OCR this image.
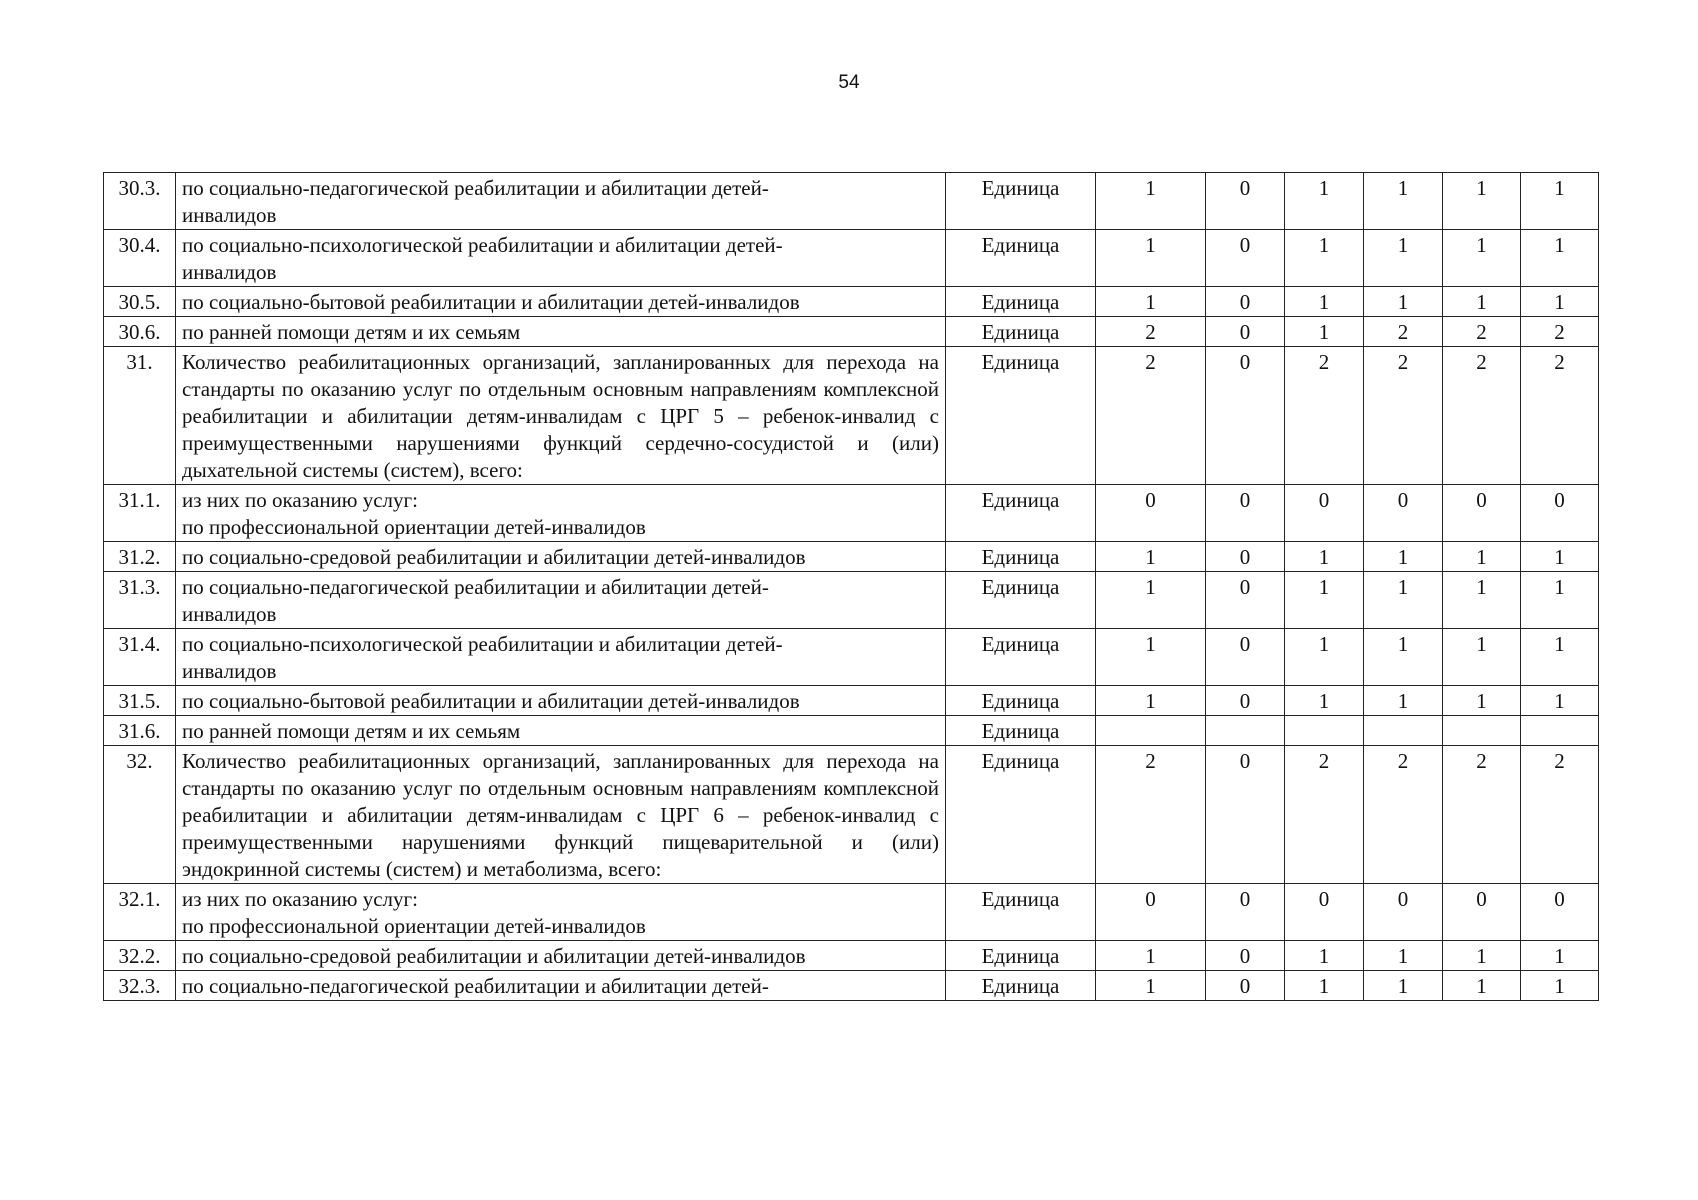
54
30.3.	по социально-педагогической реабилитации и абилитации детей-
инвалидов	Единица	1	0	1	1	1	1
30.4.	по социально-психологической реабилитации и абилитации детей-
инвалидов	Единица	1	0	1	1	1	1
30.5.	по социально-бытовой реабилитации и абилитации детей-инвалидов	Единица	1	0	1	1	1	1
30.6.	по ранней помощи детям и их семьям	Единица	2	0	1	2	2	2
31.	Количество реабилитационных организаций, запланированных для перехода на стандарты по оказанию услуг по отдельным основным направлениям комплексной реабилитации и абилитации детям-инвалидам с ЦРГ 5 – ребенок-инвалид с преимущественными нарушениями функций сердечно-сосудистой и (или) дыхательной системы (систем), всего:	Единица	2	0	2	2	2	2
31.1.	из них по оказанию услуг:
по профессиональной ориентации детей-инвалидов	Единица	0	0	0	0	0	0
31.2.	по социально-средовой реабилитации и абилитации детей-инвалидов	Единица	1	0	1	1	1	1
31.3.	по социально-педагогической реабилитации и абилитации детей-
инвалидов	Единица	1	0	1	1	1	1
31.4.	по социально-психологической реабилитации и абилитации детей-
инвалидов	Единица	1	0	1	1	1	1
31.5.	по социально-бытовой реабилитации и абилитации детей-инвалидов	Единица	1	0	1	1	1	1
31.6.	по ранней помощи детям и их семьям	Единица						
32.	Количество реабилитационных организаций, запланированных для перехода на стандарты по оказанию услуг по отдельным основным направлениям комплексной реабилитации и абилитации детям-инвалидам с ЦРГ 6 – ребенок-инвалид с преимущественными нарушениями функций пищеварительной и (или) эндокринной системы (систем) и метаболизма, всего:	Единица	2	0	2	2	2	2
32.1.	из них по оказанию услуг:
по профессиональной ориентации детей-инвалидов	Единица	0	0	0	0	0	0
32.2.	по социально-средовой реабилитации и абилитации детей-инвалидов	Единица	1	0	1	1	1	1
32.3.	по социально-педагогической реабилитации и абилитации детей-	Единица	1	0	1	1	1	1
